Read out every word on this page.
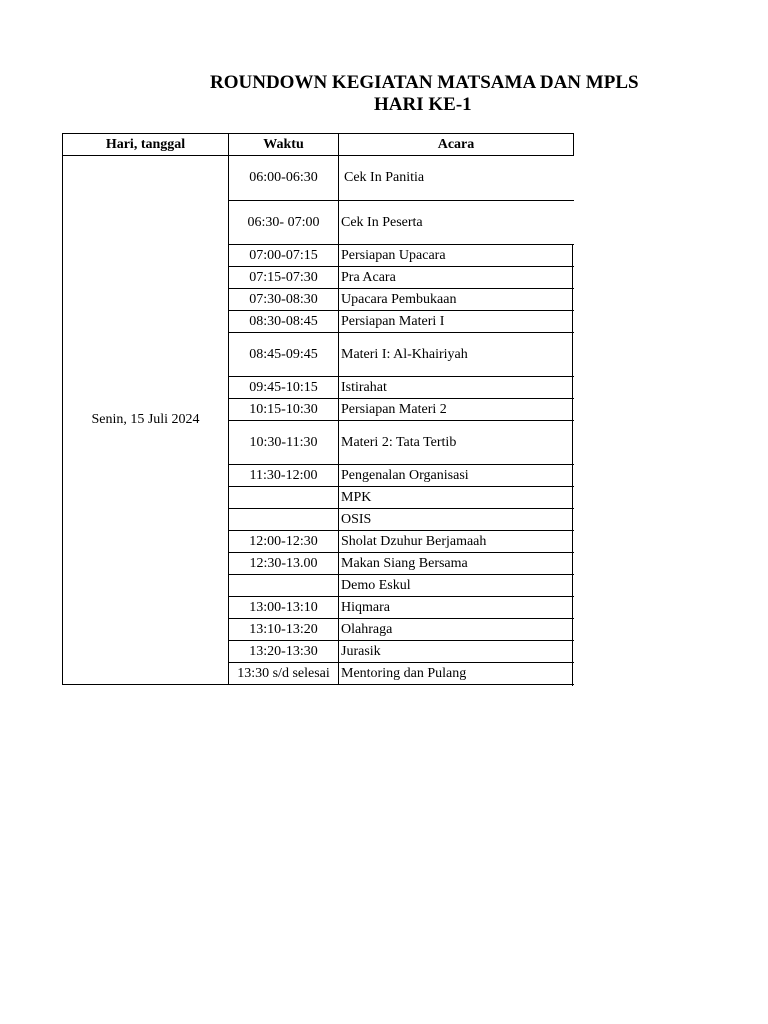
ROUNDOWN KEGIATAN MATSAMA DAN MPLS
HARI KE-1
Hari, tanggal	Waktu	Acara
Senin, 15 Juli 2024	06:00-06:30	Cek In Panitia
	06:30- 07:00	Cek In Peserta
	07:00-07:15	Persiapan Upacara
	07:15-07:30	Pra Acara
	07:30-08:30	Upacara Pembukaan
	08:30-08:45	Persiapan Materi I
	08:45-09:45	Materi I: Al-Khairiyah
	09:45-10:15	Istirahat
	10:15-10:30	Persiapan Materi 2
	10:30-11:30	Materi 2: Tata Tertib
	11:30-12:00	Pengenalan Organisasi
		MPK
		OSIS
	12:00-12:30	Sholat Dzuhur Berjamaah
	12:30-13.00	Makan Siang Bersama
		Demo Eskul
	13:00-13:10	Hiqmara
	13:10-13:20	Olahraga
	13:20-13:30	Jurasik
	13:30 s/d selesai	Mentoring dan Pulang
